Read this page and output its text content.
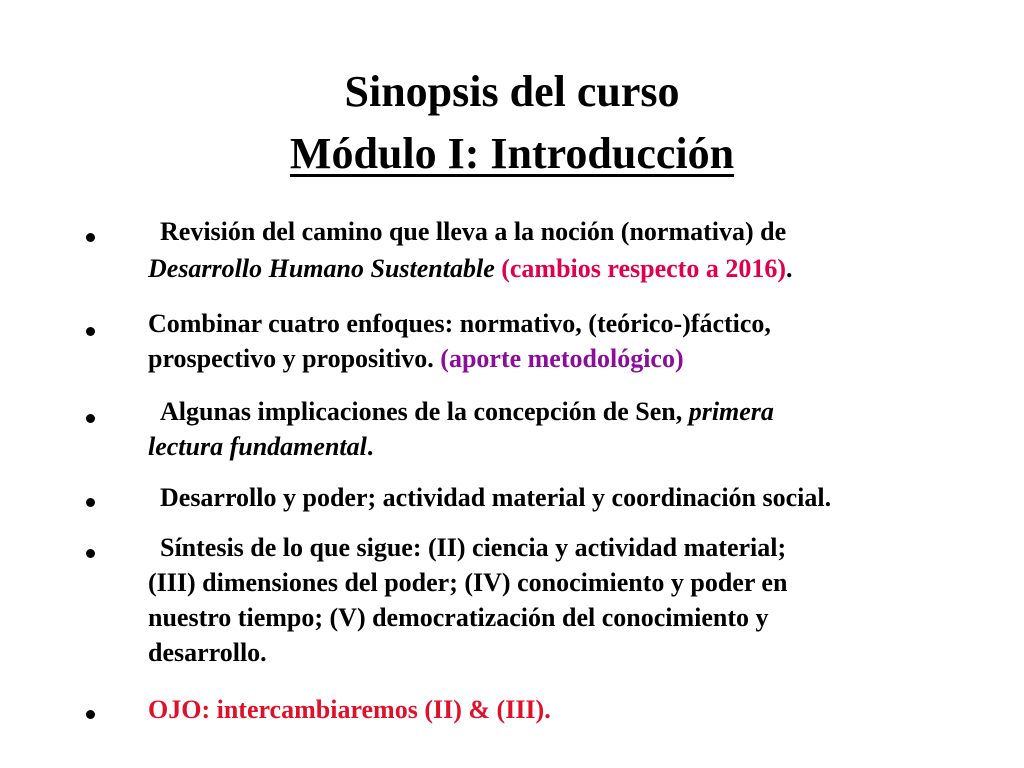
Sinopsis del curso
Módulo I: Introducción
Revisión del camino que lleva a la noción (normativa) de
Desarrollo Humano Sustentable (cambios respecto a 2016).
Combinar cuatro enfoques: normativo, (teórico-)fáctico,
prospectivo y propositivo. (aporte metodológico)
Algunas implicaciones de la concepción de Sen, primera
lectura fundamental.
Desarrollo y poder; actividad material y coordinación social.
Síntesis de lo que sigue: (II) ciencia y actividad material;
(III) dimensiones del poder; (IV) conocimiento y poder en
nuestro tiempo; (V) democratización del conocimiento y
desarrollo.
OJO: intercambiaremos (II) & (III).
